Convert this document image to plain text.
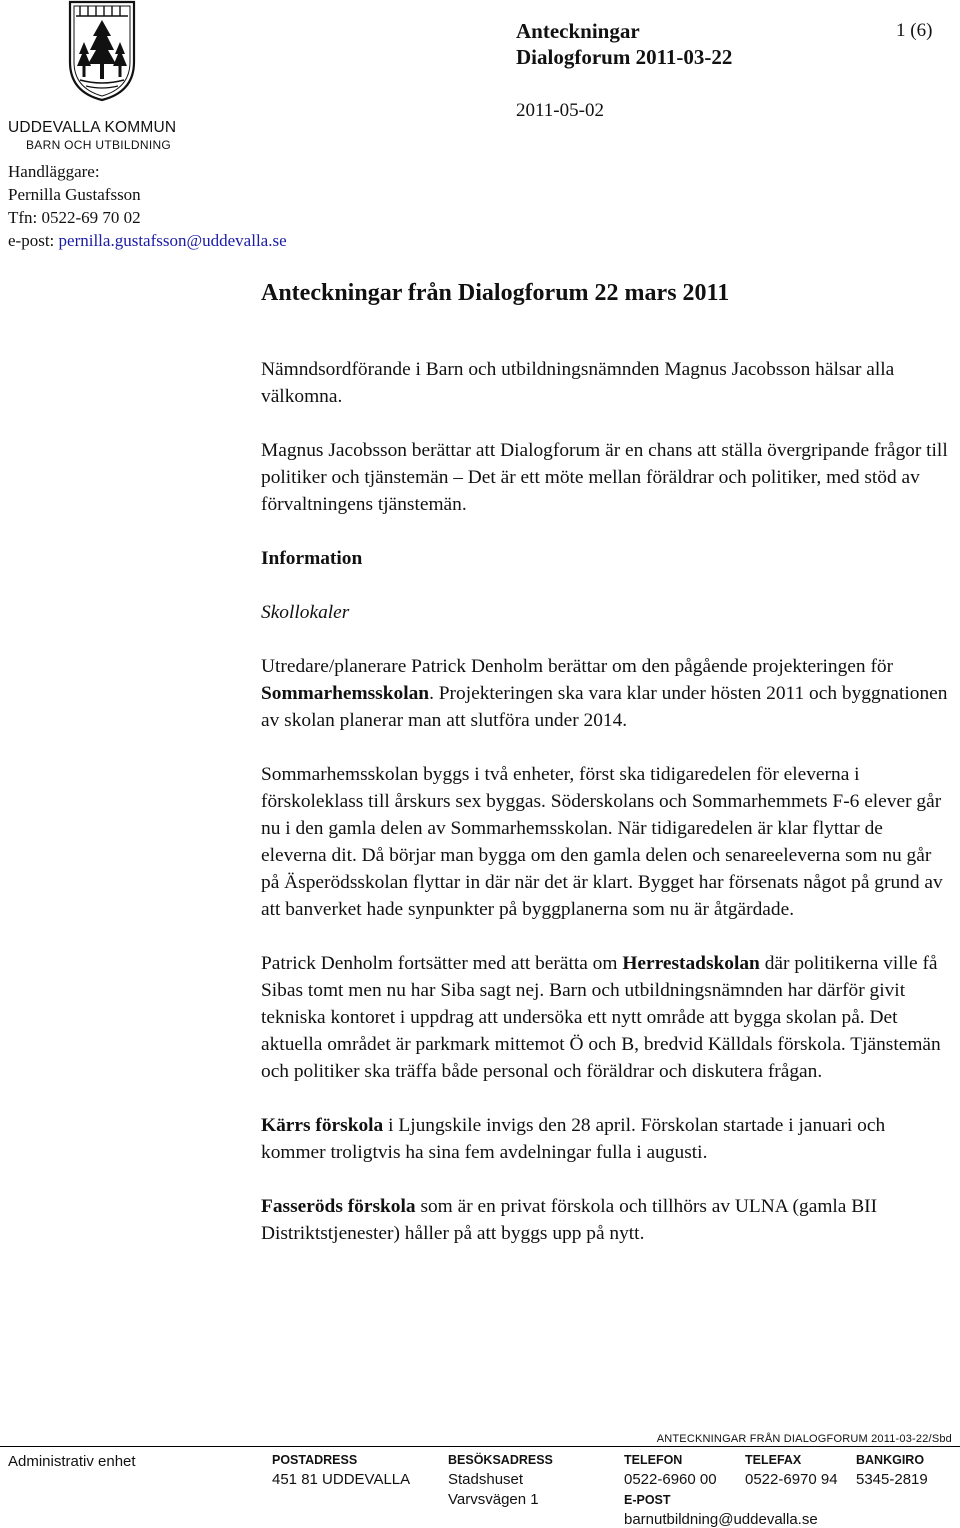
UDDEVALLA KOMMUN
BARN OCH UTBILDNING
Handläggare:
Pernilla Gustafsson
Tfn: 0522-69 70 02
e-post: pernilla.gustafsson@uddevalla.se
Anteckningar
Dialogforum 2011-03-22
1 (6)
2011-05-02
Anteckningar från Dialogforum 22 mars 2011

Nämndsordförande i Barn och utbildningsnämnden Magnus Jacobsson hälsar alla välkomna.

Magnus Jacobsson berättar att Dialogforum är en chans att ställa övergripande frågor till politiker och tjänstemän – Det är ett möte mellan föräldrar och politiker, med stöd av förvaltningens tjänstemän.

Information

Skollokaler

Utredare/planerare Patrick Denholm berättar om den pågående projekteringen för Sommarhemsskolan. Projekteringen ska vara klar under hösten 2011 och byggnationen av skolan planerar man att slutföra under 2014.

Sommarhemsskolan byggs i två enheter, först ska tidigaredelen för eleverna i förskoleklass till årskurs sex byggas. Söderskolans och Sommarhemmets F-6 elever går nu i den gamla delen av Sommarhemsskolan. När tidigaredelen är klar flyttar de eleverna dit. Då börjar man bygga om den gamla delen och senareeleverna som nu går på Äsperödsskolan flyttar in där när det är klart. Bygget har försenats något på grund av att banverket hade synpunkter på byggplanerna som nu är åtgärdade.

Patrick Denholm fortsätter med att berätta om Herrestadskolan där politikerna ville få Sibas tomt men nu har Siba sagt nej. Barn och utbildningsnämnden har därför givit tekniska kontoret i uppdrag att undersöka ett nytt område att bygga skolan på. Det aktuella området är parkmark mittemot Ö och B, bredvid Källdals förskola. Tjänstemän och politiker ska träffa både personal och föräldrar och diskutera frågan.

Kärrs förskola i Ljungskile invigs den 28 april. Förskolan startade i januari och kommer troligtvis ha sina fem avdelningar fulla i augusti.

Fasseröds förskola som är en privat förskola och tillhörs av ULNA (gamla BII Distriktstjenester) håller på att byggs upp på nytt.

ANTECKNINGAR FRÅN DIALOGFORUM 2011-03-22/Sbd
Administrativ enhet	POSTADRESS
451 81 UDDEVALLA
BESÖKSADRESS
Stadshuset
Varvsvägen 1
TELEFON
0522-6960 00
E-POST
barnutbildning@uddevalla.se
TELEFAX
0522-6970 94
BANKGIRO
5345-2819
